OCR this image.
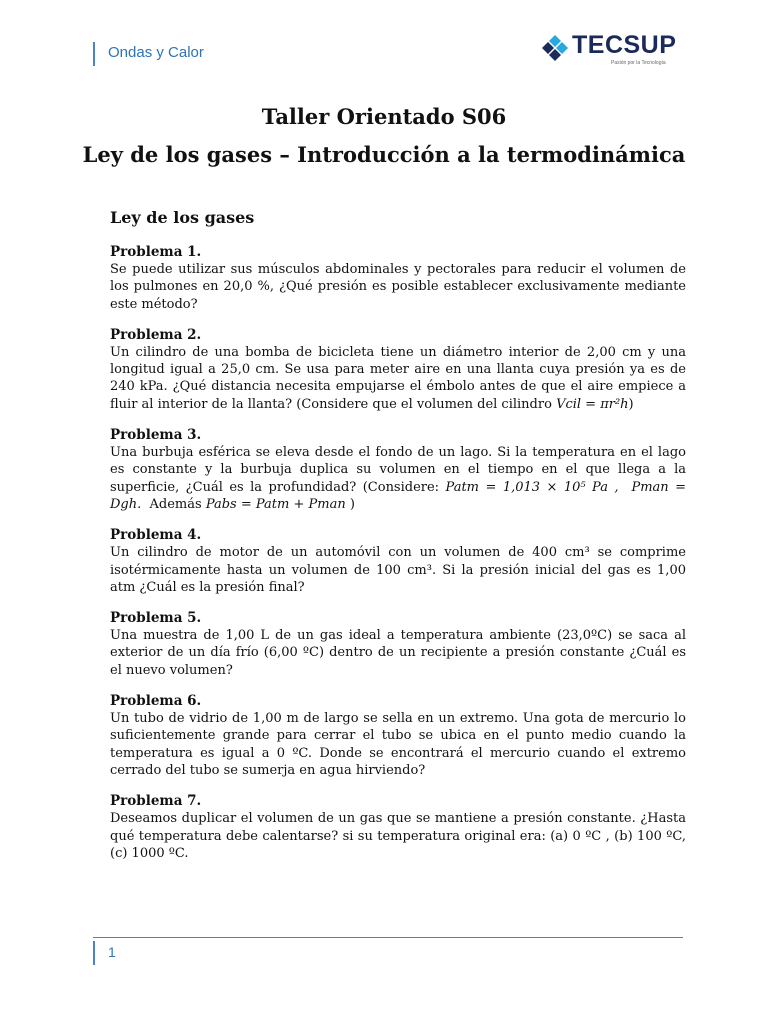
Ondas y Calor	TECSUP
Pasión por la Tecnología
Taller Orientado S06
Ley de los gases – Introducción a la termodinámica
Ley de los gases
Problema 1.
Se puede utilizar sus músculos abdominales y pectorales para reducir el volumen de los pulmones en 20,0 %, ¿Qué presión es posible establecer exclusivamente mediante este método?
Problema 2.
Un cilindro de una bomba de bicicleta tiene un diámetro interior de 2,00 cm y una longitud igual a 25,0 cm. Se usa para meter aire en una llanta cuya presión ya es de 240 kPa. ¿Qué distancia necesita empujarse el émbolo antes de que el aire empiece a fluir al interior de la llanta? (Considere que el volumen del cilindro Vcil = πr²h)
Problema 3.
Una burbuja esférica se eleva desde el fondo de un lago. Si la temperatura en el lago es constante y la burbuja duplica su volumen en el tiempo en el que llega a la superficie, ¿Cuál es la profundidad? (Considere: Patm = 1,013 × 10⁵ Pa , Pman = Dgh. Además Pabs = Patm + Pman )
Problema 4.
Un cilindro de motor de un automóvil con un volumen de 400 cm³ se comprime isotérmicamente hasta un volumen de 100 cm³. Si la presión inicial del gas es 1,00 atm ¿Cuál es la presión final?
Problema 5.
Una muestra de 1,00 L de un gas ideal a temperatura ambiente (23,0ºC) se saca al exterior de un día frío (6,00 ºC) dentro de un recipiente a presión constante ¿Cuál es el nuevo volumen?
Problema 6.
Un tubo de vidrio de 1,00 m de largo se sella en un extremo. Una gota de mercurio lo suficientemente grande para cerrar el tubo se ubica en el punto medio cuando la temperatura es igual a 0 ºC. Donde se encontrará el mercurio cuando el extremo cerrado del tubo se sumerja en agua hirviendo?
Problema 7.
Deseamos duplicar el volumen de un gas que se mantiene a presión constante. ¿Hasta qué temperatura debe calentarse? si su temperatura original era: (a) 0 ºC , (b) 100 ºC, (c) 1000 ºC.
1
